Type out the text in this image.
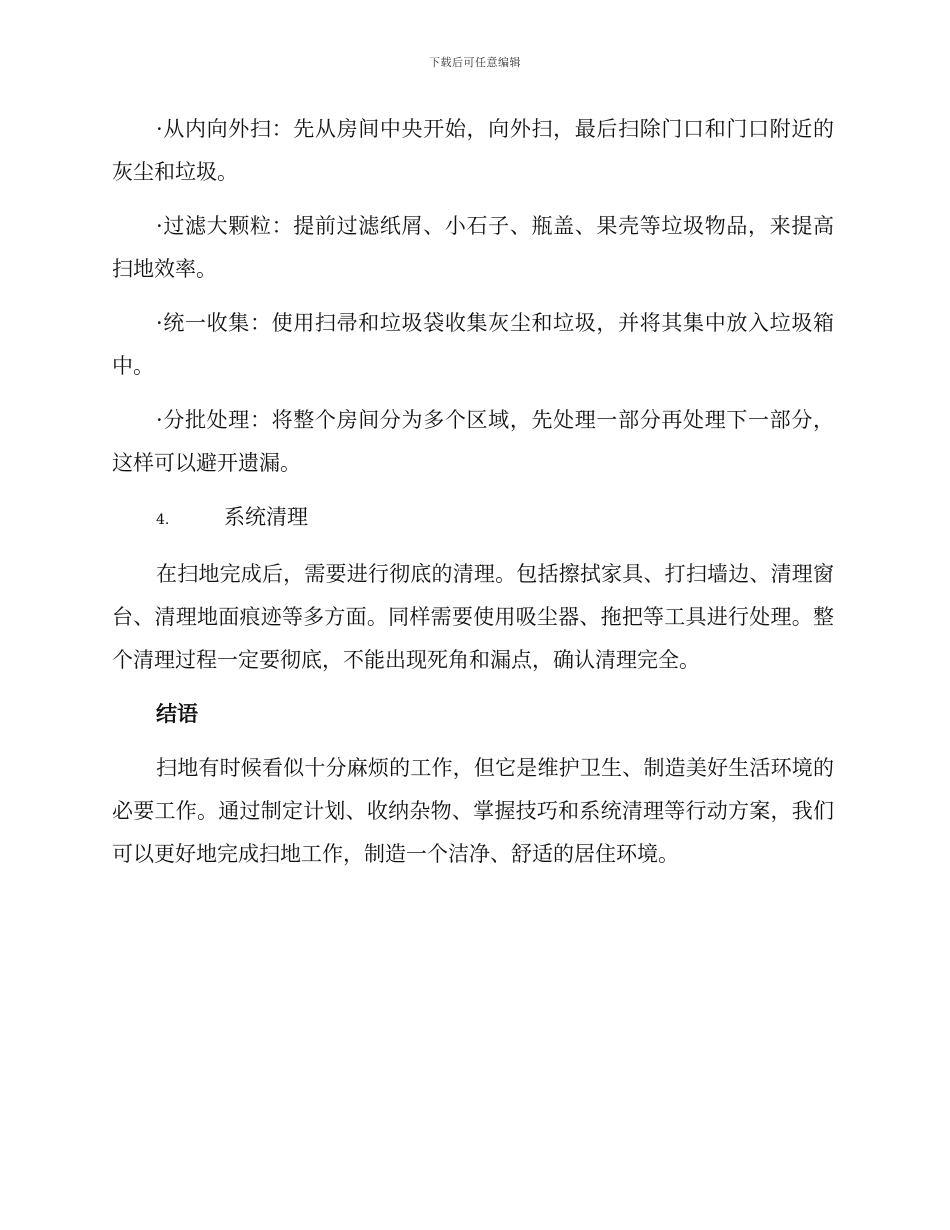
下载后可任意编辑

·从内向外扫：先从房间中央开始，向外扫，最后扫除门口和门口附近的灰尘和垃圾。

·过滤大颗粒：提前过滤纸屑、小石子、瓶盖、果壳等垃圾物品，来提高扫地效率。

·统一收集：使用扫帚和垃圾袋收集灰尘和垃圾，并将其集中放入垃圾箱中。

·分批处理：将整个房间分为多个区域，先处理一部分再处理下一部分，这样可以避开遗漏。

4.	系统清理

在扫地完成后，需要进行彻底的清理。包括擦拭家具、打扫墙边、清理窗台、清理地面痕迹等多方面。同样需要使用吸尘器、拖把等工具进行处理。整个清理过程一定要彻底，不能出现死角和漏点，确认清理完全。

结语

扫地有时候看似十分麻烦的工作，但它是维护卫生、制造美好生活环境的必要工作。通过制定计划、收纳杂物、掌握技巧和系统清理等行动方案，我们可以更好地完成扫地工作，制造一个洁净、舒适的居住环境。
